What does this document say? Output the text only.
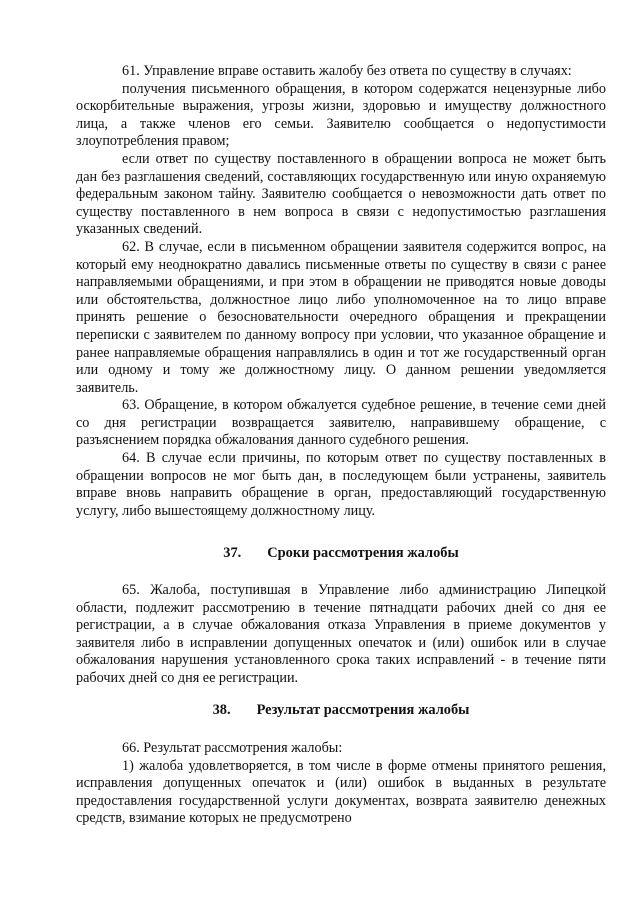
61. Управление вправе оставить жалобу без ответа по существу в случаях:

получения письменного обращения, в котором содержатся нецензурные либо оскорбительные выражения, угрозы жизни, здоровью и имуществу должностного лица, а также членов его семьи. Заявителю сообщается о недопустимости злоупотребления правом;

если ответ по существу поставленного в обращении вопроса не может быть дан без разглашения сведений, составляющих государственную или иную охраняемую федеральным законом тайну. Заявителю сообщается о невозможности дать ответ по существу поставленного в нем вопроса в связи с недопустимостью разглашения указанных сведений.

62. В случае, если в письменном обращении заявителя содержится вопрос, на который ему неоднократно давались письменные ответы по существу в связи с ранее направляемыми обращениями, и при этом в обращении не приводятся новые доводы или обстоятельства, должностное лицо либо уполномоченное на то лицо вправе принять решение о безосновательности очередного обращения и прекращении переписки с заявителем по данному вопросу при условии, что указанное обращение и ранее направляемые обращения направлялись в один и тот же государственный орган или одному и тому же должностному лицу. О данном решении уведомляется заявитель.

63. Обращение, в котором обжалуется судебное решение, в течение семи дней со дня регистрации возвращается заявителю, направившему обращение, с разъяснением порядка обжалования данного судебного решения.

64. В случае если причины, по которым ответ по существу поставленных в обращении вопросов не мог быть дан, в последующем были устранены, заявитель вправе вновь направить обращение в орган, предоставляющий государственную услугу, либо вышестоящему должностному лицу.

37. Сроки рассмотрения жалобы

65. Жалоба, поступившая в Управление либо администрацию Липецкой области, подлежит рассмотрению в течение пятнадцати рабочих дней со дня ее регистрации, а в случае обжалования отказа Управления в приеме документов у заявителя либо в исправлении допущенных опечаток и (или) ошибок или в случае обжалования нарушения установленного срока таких исправлений - в течение пяти рабочих дней со дня ее регистрации.

38. Результат рассмотрения жалобы

66. Результат рассмотрения жалобы:

1) жалоба удовлетворяется, в том числе в форме отмены принятого решения, исправления допущенных опечаток и (или) ошибок в выданных в результате предоставления государственной услуги документах, возврата заявителю денежных средств, взимание которых не предусмотрено
